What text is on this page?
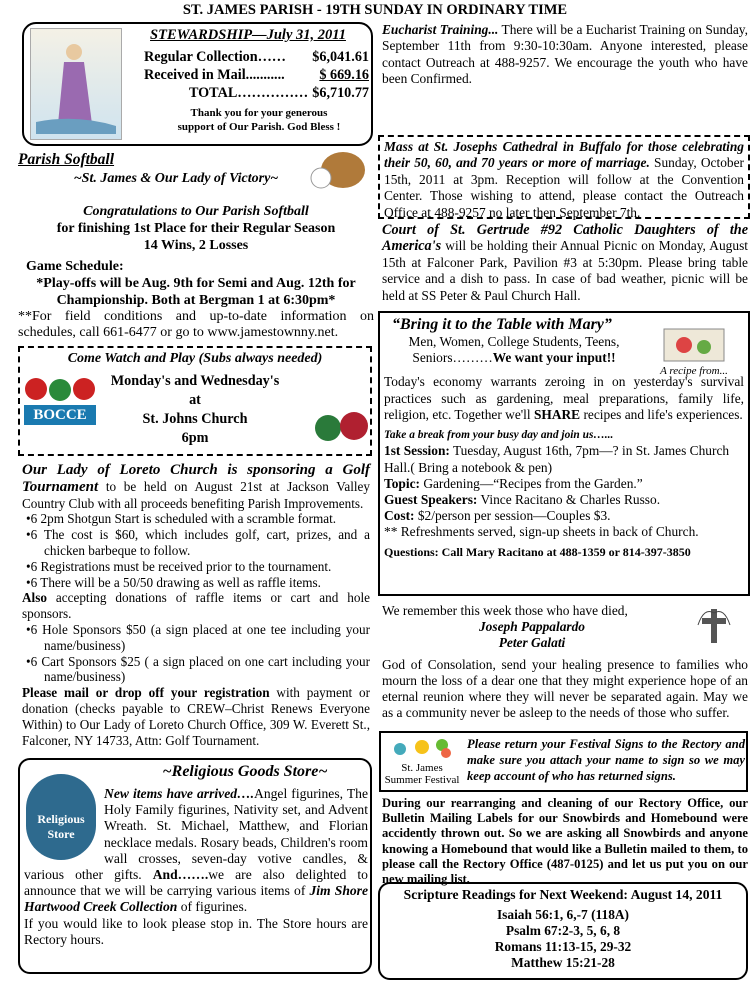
ST. JAMES PARISH - 19TH SUNDAY IN ORDINARY TIME
STEWARDSHIP—July 31, 2011
Regular Collection…… $6,041.61
Received in Mail........... $ 669.16
TOTAL…………… $6,710.77
Thank you for your generous support of Our Parish. God Bless !
Parish Softball
~St. James & Our Lady of Victory~
Congratulations to Our Parish Softball
for finishing 1st Place for their Regular Season
14 Wins, 2 Losses
Game Schedule:
*Play-offs will be Aug. 9th for Semi and Aug. 12th for Championship. Both at Bergman 1 at 6:30pm*
**For field conditions and up-to-date information on schedules, call 661-6477 or go to www.jamestownny.net.
Come Watch and Play (Subs always needed)
BOCCE
Monday's and Wednesday's
at
St. Johns Church
6pm
Our Lady of Loreto Church is sponsoring a Golf Tournament to be held on August 21st at Jackson Valley Country Club with all proceeds benefiting Parish Improvements.
•6 2pm Shotgun Start is scheduled with a scramble format.
•6 The cost is $60, which includes golf, cart, prizes, and a chicken barbeque to follow.
•6 Registrations must be received prior to the tournament.
•6 There will be a 50/50 drawing as well as raffle items.
Also accepting donations of raffle items or cart and hole sponsors.
•6 Hole Sponsors $50 (a sign placed at one tee including your name/business)
•6 Cart Sponsors $25 ( a sign placed on one cart including your name/business)
Please mail or drop off your registration with payment or donation (checks payable to CREW–Christ Renews Everyone Within) to Our Lady of Loreto Church Office, 309 W. Everett St., Falconer, NY 14733, Attn: Golf Tournament.
~Religious Goods Store~
Religious Store
New items have arrived….Angel figurines, The Holy Family figurines, Nativity set, and Advent Wreath. St. Michael, Matthew, and Florian necklace medals. Rosary beads, Children's room wall crosses, seven-day votive candles, & various other gifts. And…….we are also delighted to announce that we will be carrying various items of Jim Shore Hartwood Creek Collection of figurines.
If you would like to look please stop in. The Store hours are Rectory hours.
Eucharist Training... There will be a Eucharist Training on Sunday, September 11th from 9:30-10:30am. Anyone interested, please contact Outreach at 488-9257. We encourage the youth who have been Confirmed.
Mass at St. Josephs Cathedral in Buffalo for those celebrating their 50, 60, and 70 years or more of marriage. Sunday, October 15th, 2011 at 3pm. Reception will follow at the Convention Center. Those wishing to attend, please contact the Outreach Office at 488-9257 no later then September 7th.
Court of St. Gertrude #92 Catholic Daughters of the America's will be holding their Annual Picnic on Monday, August 15th at Falconer Park, Pavilion #3 at 5:30pm. Please bring table service and a dish to pass. In case of bad weather, picnic will be held at SS Peter & Paul Church Hall.
“Bring it to the Table with Mary”
A recipe from...
Men, Women, College Students, Teens, Seniors………We want your input!!
Today's economy warrants zeroing in on yesterday's survival practices such as gardening, meal preparations, family life, religion, etc. Together we'll SHARE recipes and life's experiences.
Take a break from your busy day and join us…...
1st Session: Tuesday, August 16th, 7pm—? in St. James Church Hall.( Bring a notebook & pen)
Topic: Gardening—“Recipes from the Garden.”
Guest Speakers: Vince Racitano & Charles Russo.
Cost: $2/person per session—Couples $3.
** Refreshments served, sign-up sheets in back of Church.
Questions: Call Mary Racitano at 488-1359 or 814-397-3850
We remember this week those who have died,
Joseph Pappalardo
Peter Galati
God of Consolation, send your healing presence to families who mourn the loss of a dear one that they might experience hope of an eternal reunion where they will never be separated again. May we as a community never be asleep to the needs of those who suffer.
St. James
Summer Festival
Please return your Festival Signs to the Rectory and make sure you attach your name to sign so we may keep account of who has returned signs.
During our rearranging and cleaning of our Rectory Office, our Bulletin Mailing Labels for our Snowbirds and Homebound were accidently thrown out. So we are asking all Snowbirds and anyone knowing a Homebound that would like a Bulletin mailed to them, to please call the Rectory Office (487-0125) and let us put you on our new mailing list.
Scripture Readings for Next Weekend: August 14, 2011
Isaiah 56:1, 6,-7 (118A)
Psalm 67:2-3, 5, 6, 8
Romans 11:13-15, 29-32
Matthew 15:21-28
